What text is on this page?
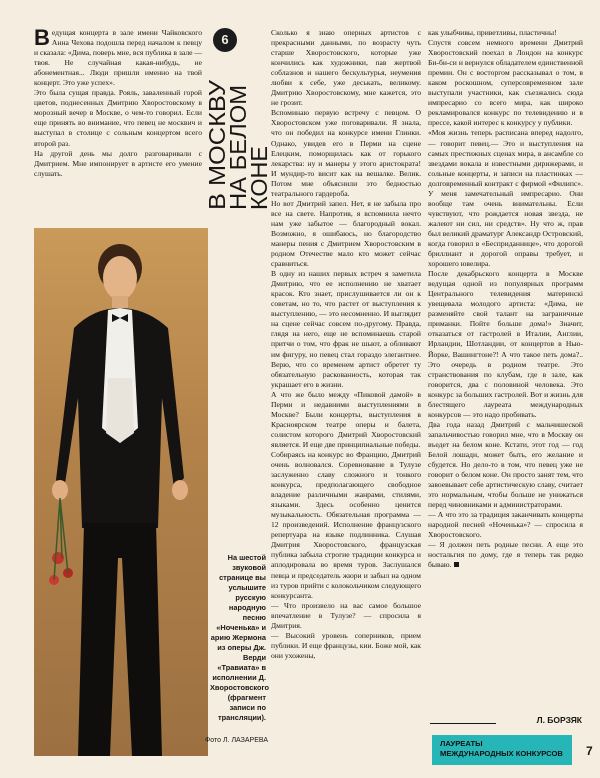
Ведущая концерта в зале имени Чайковского Анна Чехова подошла перед началом к певцу и сказала: «Дима, поверь мне, вся публика в зале — твоя. Не случайная какая-нибудь, не абонементная... Люди пришли именно на твой концерт. Это уже успех».
Это была сущая правда. Рояль, заваленный горой цветов, поднесенных Дмитрию Хворостовскому в морозный вечер в Москве, о чем-то говорил. Если еще принять во внимание, что певец не москвич и выступал в столице с сольным концертом всего второй раз.
На другой день мы долго разговаривали с Дмитрием. Мне импонирует в артисте его умение слушать.
6
В МОСКВУ
НА БЕЛОМ
КОНЕ
На шестой звуковой странице вы услышите русскую народную песню «Ноченька» и арию Жермона из оперы Дж. Верди «Травиата» в исполнении Д. Хворостовского (фрагмент записи по трансляции).
Фото Л. ЛАЗАРЕВА
Сколько я знаю оперных артистов с прекрасными данными, по возрасту чуть старше Хворостовского, которые уже кончились как художники, пав жертвой соблазнов и нашего бескультурья, неумения любви к себе, уже деськать, великому. Дмитрию Хворостовскому, мне кажется, это не грозит.
Вспоминаю первую встречу с певцом. О Хворостовском уже поговаривали. Я знала, что он победил на конкурсе имени Глинки. Однако, увидев его в Перми на сцене Елецким, поморщилась как от горького лекарства: ну и манеры у этого аристократа! И мундир-то висит как на вешалке. Велик. Потом мне объяснили это бедностью театрального гардероба.
Но вот Дмитрий запел. Нет, я не забыла про все на свете. Напротив, я вспомнила нечто нам уже забытое — благородный вокал. Возможно, я ошибаюсь, но благородство манеры пения с Дмитрием Хворостовским в родном Отечестве мало кто может сейчас сравниться.
В одну из наших первых встреч я заметила Дмитрию, что ее исполнению не хватает красок. Кто знает, прислушивается ли он к советам, но то, что растет от выступления к выступлению, — это несомненно. И выглядит на сцене сейчас совсем по-другому. Правда, глядя на него, еще не вспоминаешь старой притчи о том, что фрак не шьют, а обливают им фигуру, но певец стал гораздо элегантнее. Верю, что со временем артист обретет ту обязательную раскованность, которая так украшает его в жизни.
А что же было между «Пиковой дамой» в Перми и недавними выступлениями в Москве? Были концерты, выступления в Красноярском театре оперы и балета, солистом которого Дмитрий Хворостовский является. И еще две принципиальные победы.
Собираясь на конкурс во Францию, Дмитрий очень волновался. Соревнование в Тулузе заслуженно славу сложного и тонкого конкурса, предполагающего свободное владение различными жанрами, стилями, языками. Здесь особенно ценится музыкальность. Обязательная программа — 12 произведений. Исполнение французского репертуара на языке подлинника. Слушая Дмитрия Хворостовского, французская публика забыла строгие традиции конкурса и аплодировала во время туров. Заслушался певца и председатель жюри и забыл на одном из туров прийти с колокольчиком следующего конкурсанта.
— Что произвело на вас самое большое впечатление в Тулузе? — спросила я Дмитрия.
— Высокий уровень соперников, прием публики. И еще французы, кии. Боже мой, как они ухожены,
как улыбчивы, приветливы, пластичны!
Спустя совсем немного времени Дмитрий Хворостовский поехал в Лондон на конкурс Би-би-си и вернулся обладателем единственной премии. Он с восторгом рассказывал о том, в каком роскошном, суперсовременном зале выступали участники, как съезжались сюда импресарио со всего мира, как широко рекламировался конкурс по телевидению и в прессе, какой интерес к конкурсу у публики.
«Моя жизнь теперь расписана вперед надолго,— говорит певец.— Это и выступления на самых престижных сценах мира, в ансамбле со звездами вокала и известными дирижерами, и сольные концерты, и записи на пластинках — долговременный контракт с фирмой «Филипс». У меня замечательный импресарио. Они вообще там очень внимательны. Если чувствуют, что рождается новая звезда, не жалеют ни сил, ни средств». Ну что ж, прав был великий драматург Александр Островский, когда говорил в «Бесприданнице», что дорогой бриллиант и дорогой оправы требует, и хорошего ювелира.
После декабрьского концерта в Москве ведущая одной из популярных программ Центрального телевидения материнскі увещевала молодого артиста: «Дима, не разменяйте свой талант на заграничные приманки. Пойте больше дома!» Значит, отказаться от гастролей в Италии, Англии, Ирландии, Шотландии, от концертов в Нью-Йорке, Вашингтоне?! А что такое петь дома?.. Это очередь в родном театре. Это странствования по клубам, где в зале, как говорится, два с половиной человека. Это конкурс за больших гастролей. Вот и жизнь для блестящего лауреата международных конкурсов — это надо пробивать.
Два года назад Дмитрий с мальчишеской запальчивостью говорил мне, что в Москву он въедет на белом коне. Кстати, этот год — год Белой лошади, может быть, его желание и сбудется. Но дело-то в том, что певец уже не говорит о белом коне. Он просто занят тем, что завоевывает себе артистическую славу, считает это нормальным, чтобы больше не унижаться перед чиновниками и администраторами.
— А что это за традиция заканчивать концерты народной песней «Ноченька»? — спросила я Хворостовского.
— Я должен петь родные песни. А еще это ностальгия по дому, где я теперь так редко бываю.
Л. БОРЗЯК
ЛАУРЕАТЫ
МЕЖДУНАРОДНЫХ КОНКУРСОВ	7
